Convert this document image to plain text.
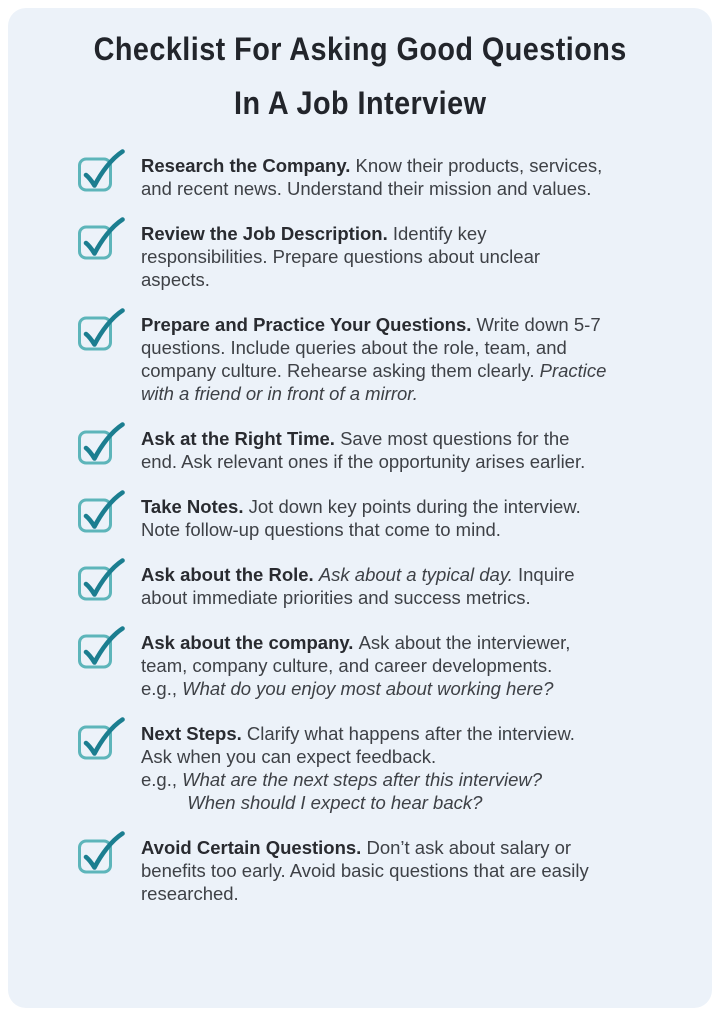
Checklist For Asking Good Questions
In A Job Interview

Research the Company. Know their products, services,
and recent news. Understand their mission and values.

Review the Job Description. Identify key
responsibilities. Prepare questions about unclear
aspects.

Prepare and Practice Your Questions. Write down 5-7
questions. Include queries about the role, team, and
company culture. Rehearse asking them clearly. Practice
with a friend or in front of a mirror.

Ask at the Right Time. Save most questions for the
end. Ask relevant ones if the opportunity arises earlier.

Take Notes. Jot down key points during the interview.
Note follow-up questions that come to mind.

Ask about the Role. Ask about a typical day. Inquire
about immediate priorities and success metrics.

Ask about the company. Ask about the interviewer,
team, company culture, and career developments.
e.g., What do you enjoy most about working here?

Next Steps. Clarify what happens after the interview.
Ask when you can expect feedback.
e.g., What are the next steps after this interview?
When should I expect to hear back?

Avoid Certain Questions. Don’t ask about salary or
benefits too early. Avoid basic questions that are easily
researched.
